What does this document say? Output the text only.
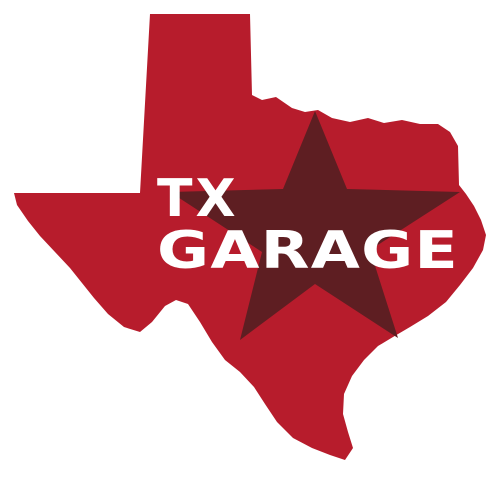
TX
GARAGE
